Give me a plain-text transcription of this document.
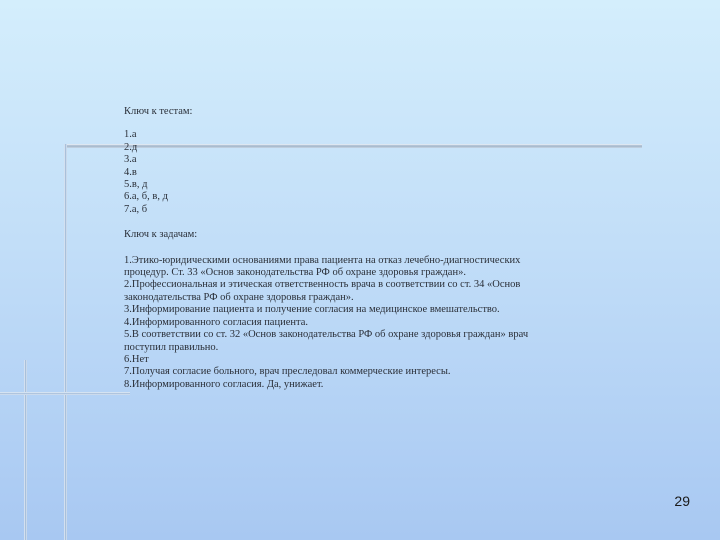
Ключ к тестам:

1.а

2.д

3.а

4.в

5.в, д

6.а, б, в, д

7.а, б

Ключ к задачам:

1.Этико-юридическими основаниями права пациента на отказ лечебно-диагностических

процедур. Ст. 33 «Основ законодательства РФ об охране здоровья граждан».

2.Профессиональная и этическая ответственность врача в соответствии со ст. 34 «Основ

законодательства РФ об охране здоровья граждан».

3.Информирование пациента и получение согласия на медицинское вмешательство.

4.Информированного согласия пациента.

5.В соответствии со ст. 32 «Основ законодательства РФ об охране здоровья граждан» врач

поступил правильно.

6.Нет

7.Получая согласие больного, врач преследовал коммерческие интересы.

8.Информированного согласия. Да, унижает.

29
